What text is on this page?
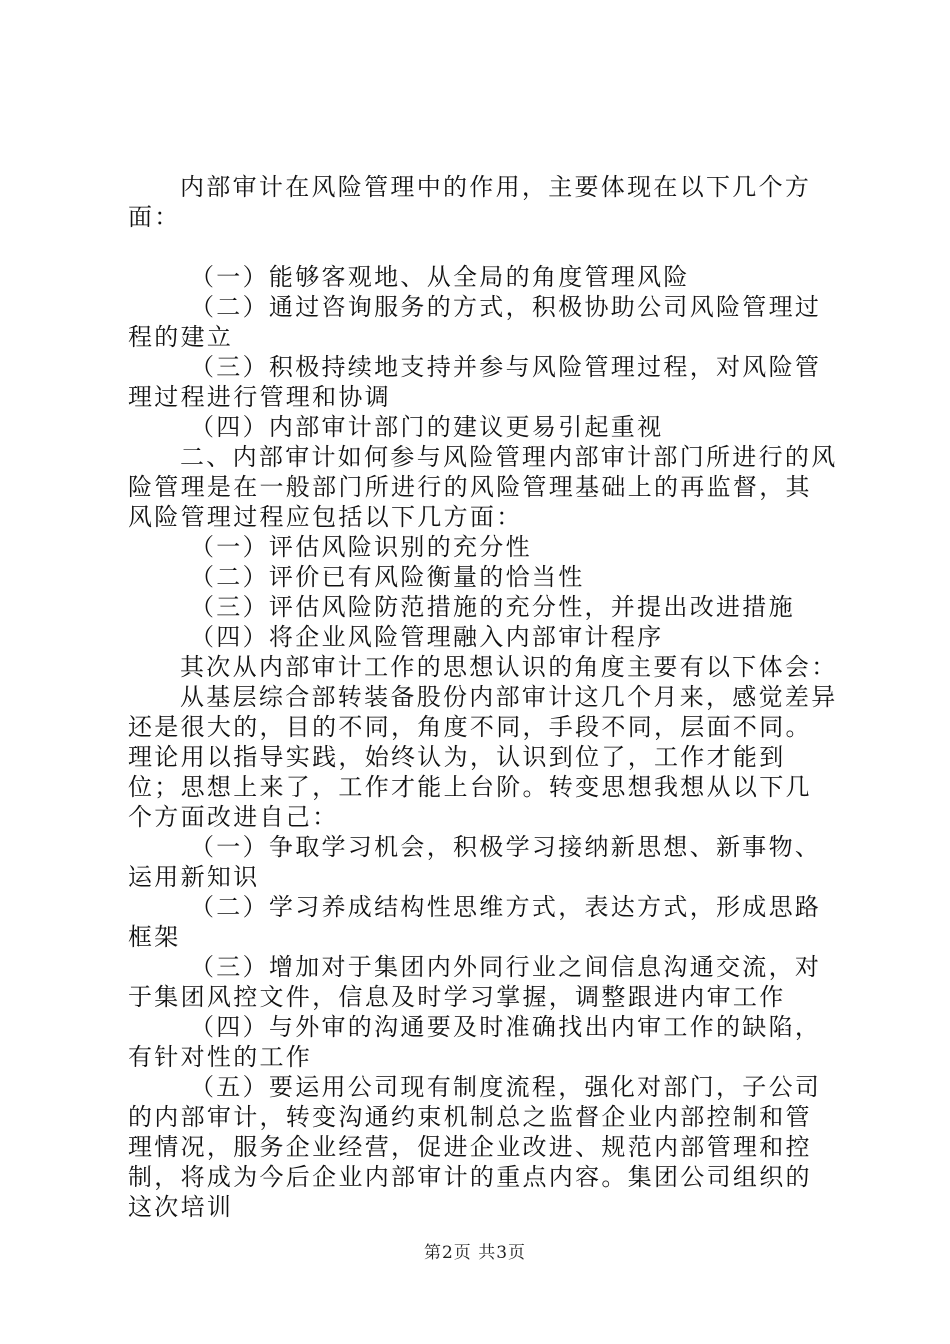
内部审计在风险管理中的作用，主要体现在以下几个方面：

（一）能够客观地、从全局的角度管理风险

（二）通过咨询服务的方式，积极协助公司风险管理过程的建立

（三）积极持续地支持并参与风险管理过程，对风险管理过程进行管理和协调

（四）内部审计部门的建议更易引起重视

二、内部审计如何参与风险管理内部审计部门所进行的风险管理是在一般部门所进行的风险管理基础上的再监督，其风险管理过程应包括以下几方面：

（一）评估风险识别的充分性

（二）评价已有风险衡量的恰当性

（三）评估风险防范措施的充分性，并提出改进措施

（四）将企业风险管理融入内部审计程序

其次从内部审计工作的思想认识的角度主要有以下体会：

从基层综合部转装备股份内部审计这几个月来，感觉差异还是很大的，目的不同，角度不同，手段不同，层面不同。理论用以指导实践，始终认为，认识到位了，工作才能到位；思想上来了，工作才能上台阶。转变思想我想从以下几个方面改进自己：

（一）争取学习机会，积极学习接纳新思想、新事物、运用新知识

（二）学习养成结构性思维方式，表达方式，形成思路框架

（三）增加对于集团内外同行业之间信息沟通交流，对于集团风控文件，信息及时学习掌握，调整跟进内审工作

（四）与外审的沟通要及时准确找出内审工作的缺陷，有针对性的工作

（五）要运用公司现有制度流程，强化对部门，子公司的内部审计，转变沟通约束机制总之监督企业内部控制和管理情况，服务企业经营，促进企业改进、规范内部管理和控制，将成为今后企业内部审计的重点内容。集团公司组织的这次培训

第2页 共3页
